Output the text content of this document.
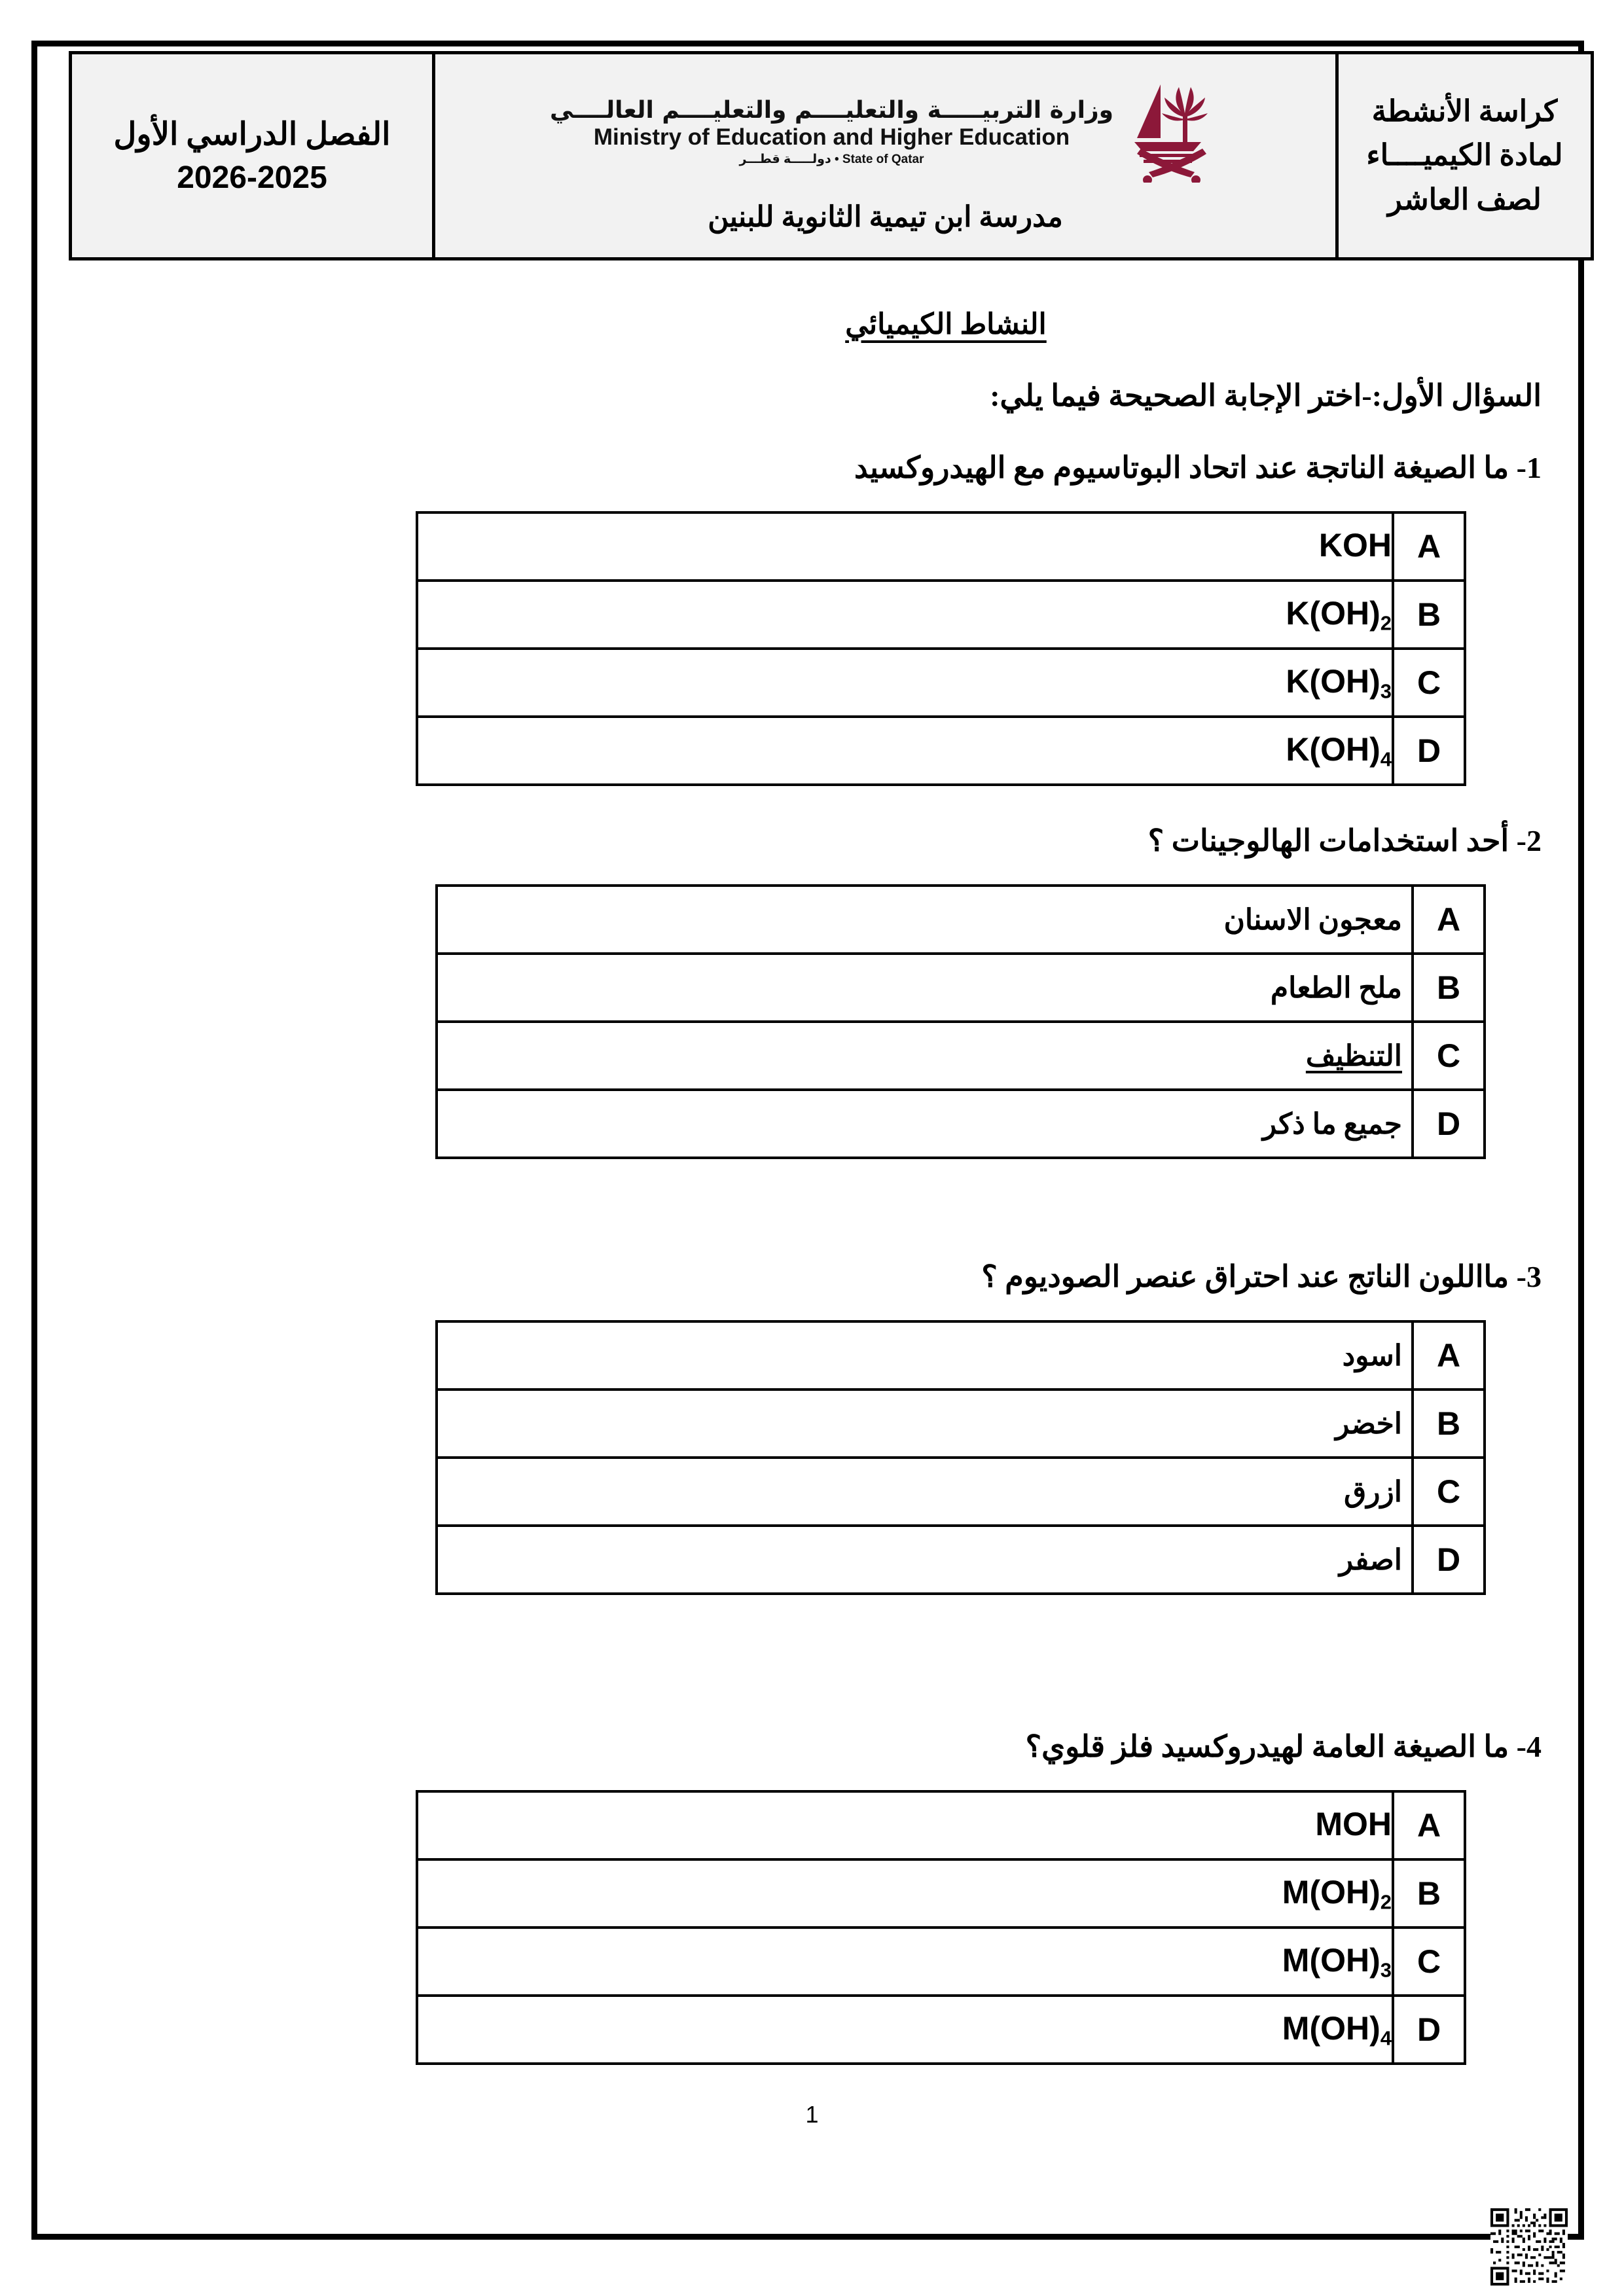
الفصل الدراسي الأول
2026-2025

وزارة التربيـــــة والتعليــــم والتعليــــم العالــــي
Ministry of Education and Higher Education
دولـــــة قطـــر • State of Qatar
مدرسة ابن تيمية الثانوية للبنين

كراسة الأنشطة
لمادة الكيميــــاء
لصف العاشر
النشاط الكيميائي
السؤال الأول:-اختر الإجابة الصحيحة فيما يلي:
1- ما الصيغة الناتجة عند اتحاد البوتاسيوم مع الهيدروكسيد
A	KOH

B	$K(OH)_2$

C	$K(OH)_3$

D	$K(OH)_4$
2- أحد استخدامات الهالوجينات ؟
A	معجون الاسنان
B	ملح الطعام
C	التنظيف
D	جميع ما ذكر
3- مااللون الناتج عند احتراق عنصر الصوديوم ؟
A	اسود
B	اخضر
C	ازرق
D	اصفر
4- ما الصيغة العامة لهيدروكسيد فلز قلوي؟
A	MOH

B	$M(OH)_2$

C	$M(OH)_3$

D	$M(OH)_4$
1
